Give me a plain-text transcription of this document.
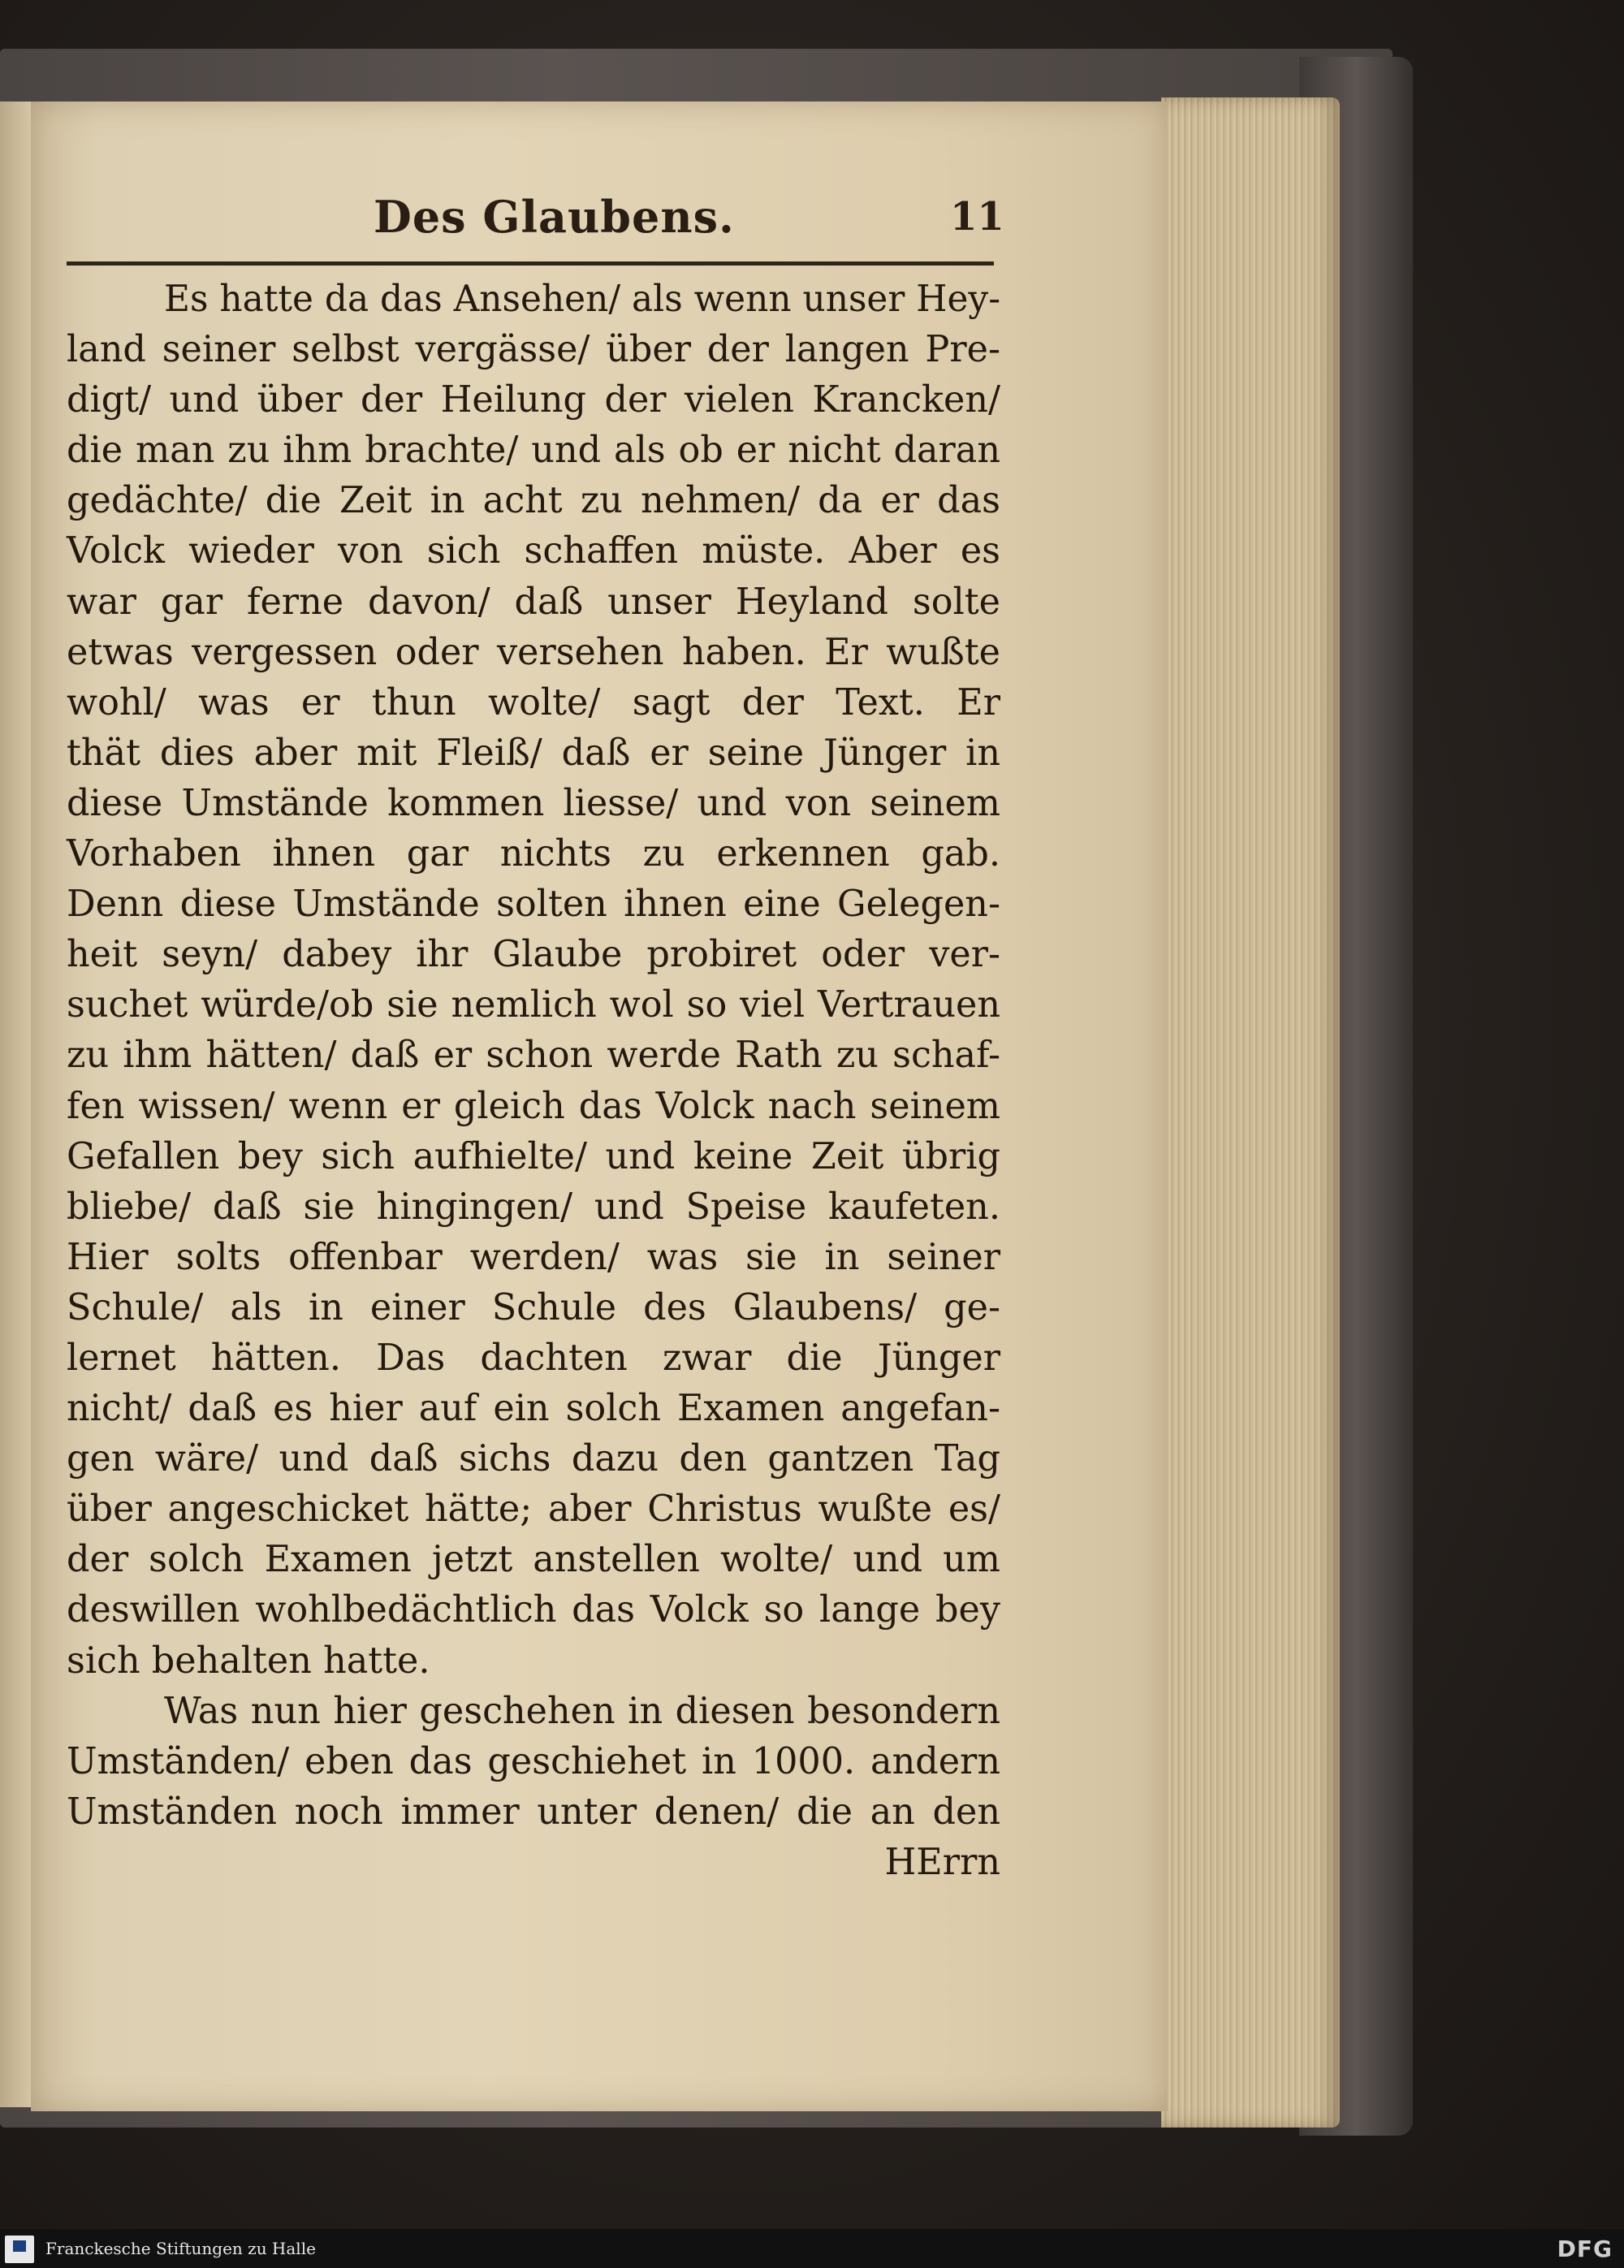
Des Glaubens.	11
Es hatte da das Ansehen/ als wenn unser Hey-
land seiner selbst vergässe/ über der langen Pre-
digt/ und über der Heilung der vielen Krancken/
die man zu ihm brachte/ und als ob er nicht daran
gedächte/ die Zeit in acht zu nehmen/ da er das
Volck wieder von sich schaffen müste. Aber es
war gar ferne davon/ daß unser Heyland solte
etwas vergessen oder versehen haben. Er wußte
wohl/ was er thun wolte/ sagt der Text. Er
thät dies aber mit Fleiß/ daß er seine Jünger in
diese Umstände kommen liesse/ und von seinem
Vorhaben ihnen gar nichts zu erkennen gab.
Denn diese Umstände solten ihnen eine Gelegen-
heit seyn/ dabey ihr Glaube probiret oder ver-
suchet würde/ob sie nemlich wol so viel Vertrauen
zu ihm hätten/ daß er schon werde Rath zu schaf-
fen wissen/ wenn er gleich das Volck nach seinem
Gefallen bey sich aufhielte/ und keine Zeit übrig
bliebe/ daß sie hingingen/ und Speise kaufeten.
Hier solts offenbar werden/ was sie in seiner
Schule/ als in einer Schule des Glaubens/ ge-
lernet hätten. Das dachten zwar die Jünger
nicht/ daß es hier auf ein solch Examen angefan-
gen wäre/ und daß sichs dazu den gantzen Tag
über angeschicket hätte; aber Christus wußte es/
der solch Examen jetzt anstellen wolte/ und um
deswillen wohlbedächtlich das Volck so lange bey
sich behalten hatte.
Was nun hier geschehen in diesen besondern
Umständen/ eben das geschiehet in 1000. andern
Umständen noch immer unter denen/ die an den
HErrn
Franckesche Stiftungen zu Halle	DFG
